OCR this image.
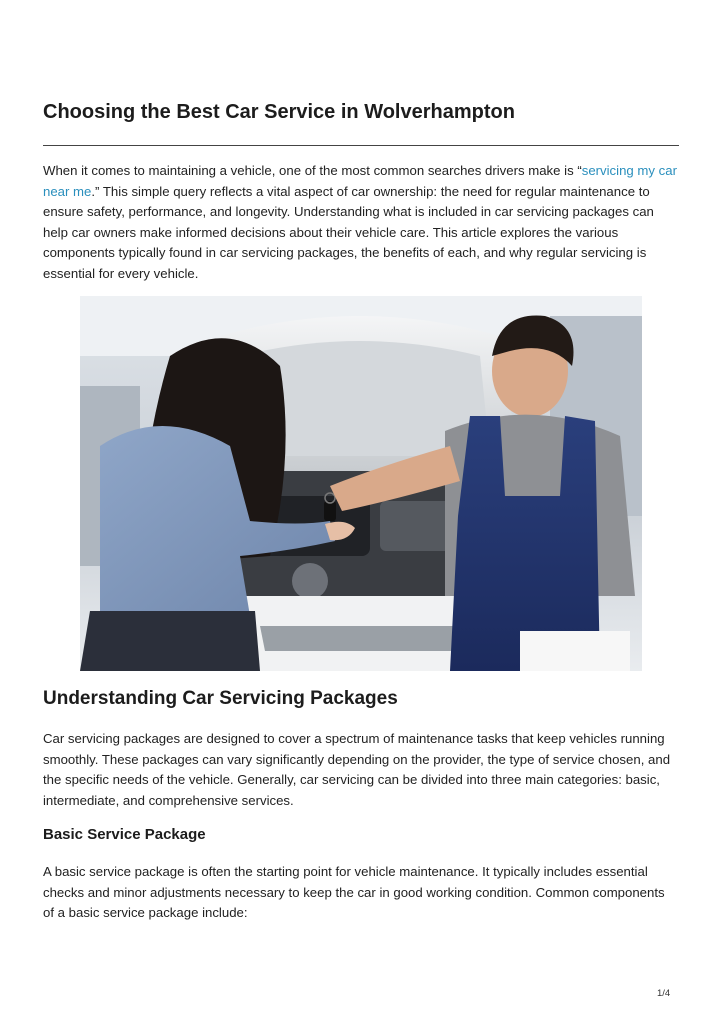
Choosing the Best Car Service in Wolverhampton

When it comes to maintaining a vehicle, one of the most common searches drivers make is “servicing my car near me.” This simple query reflects a vital aspect of car ownership: the need for regular maintenance to ensure safety, performance, and longevity. Understanding what is included in car servicing packages can help car owners make informed decisions about their vehicle care. This article explores the various components typically found in car servicing packages, the benefits of each, and why regular servicing is essential for every vehicle.

Understanding Car Servicing Packages

Car servicing packages are designed to cover a spectrum of maintenance tasks that keep vehicles running smoothly. These packages can vary significantly depending on the provider, the type of service chosen, and the specific needs of the vehicle. Generally, car servicing can be divided into three main categories: basic, intermediate, and comprehensive services.

Basic Service Package

A basic service package is often the starting point for vehicle maintenance. It typically includes essential checks and minor adjustments necessary to keep the car in good working condition. Common components of a basic service package include:

1/4
